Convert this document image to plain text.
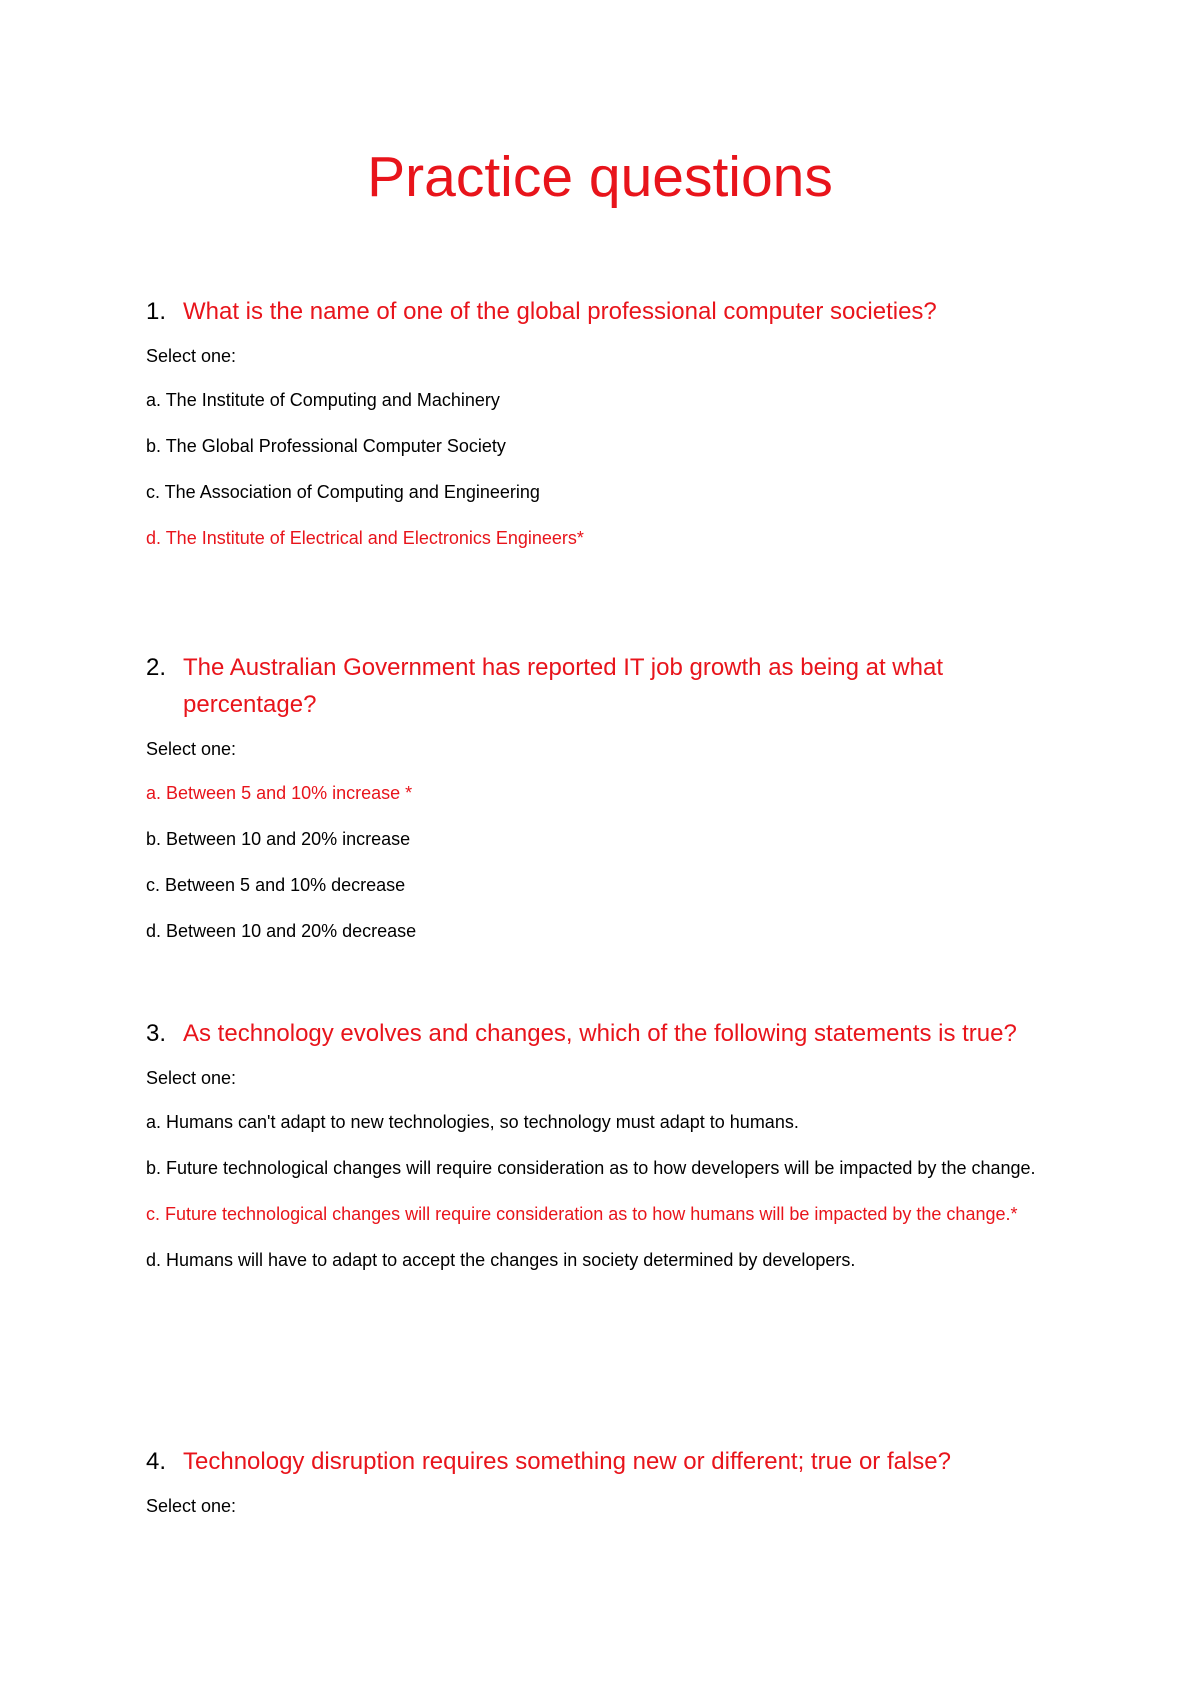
Practice questions
1. What is the name of one of the global professional computer societies?
Select one:
a. The Institute of Computing and Machinery
b. The Global Professional Computer Society
c. The Association of Computing and Engineering
d. The Institute of Electrical and Electronics Engineers*
2. The Australian Government has reported IT job growth as being at what percentage?
Select one:
a. Between 5 and 10% increase *
b. Between 10 and 20% increase
c. Between 5 and 10% decrease
d. Between 10 and 20% decrease
3. As technology evolves and changes, which of the following statements is true?
Select one:
a. Humans can't adapt to new technologies, so technology must adapt to humans.
b. Future technological changes will require consideration as to how developers will be impacted by the change.
c. Future technological changes will require consideration as to how humans will be impacted by the change.*
d. Humans will have to adapt to accept the changes in society determined by developers.
4. Technology disruption requires something new or different; true or false?
Select one:
